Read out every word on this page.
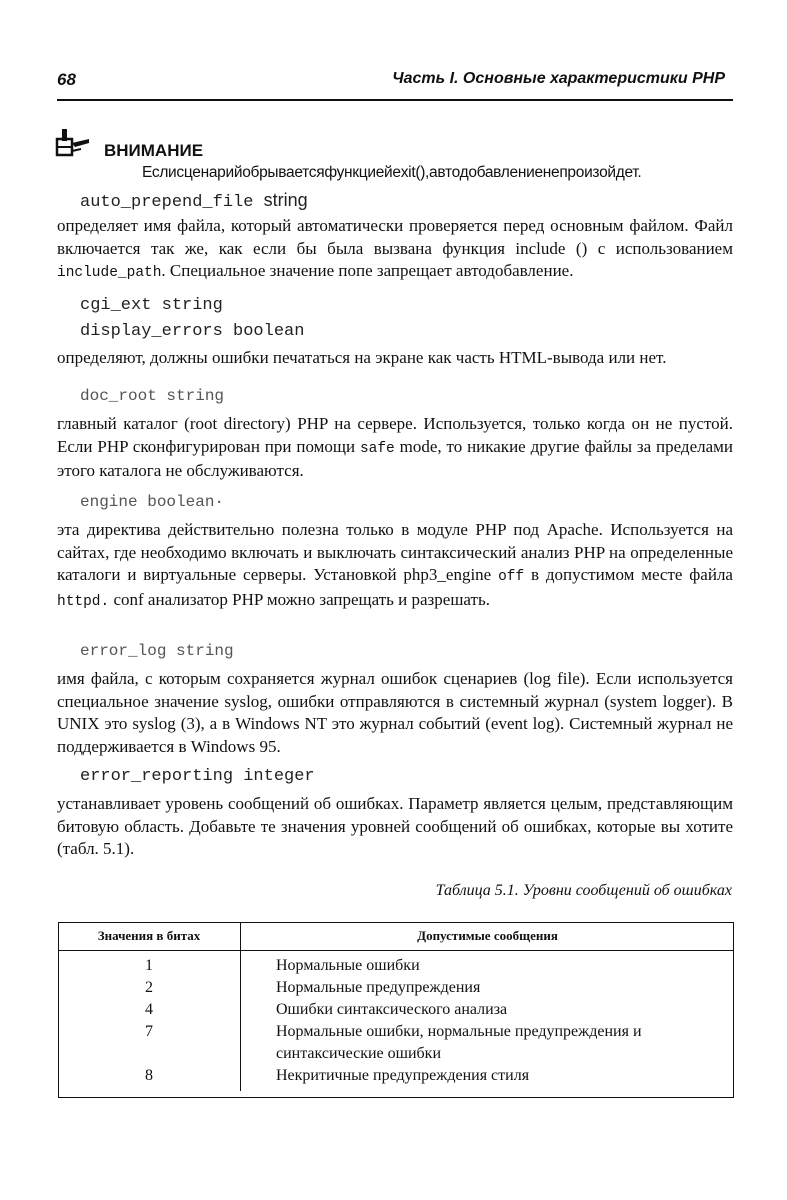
68	Часть I. Основные характеристики PHP
ВНИМАНИЕ
Еслисценарийобрываетсяфункциейexit(),автодобавлениенепроизойдет.
auto_prepend_file string

определяет имя файла, который автоматически проверяется перед основным файлом. Файл включается так же, как если бы была вызвана функция include () с использованием include_path. Специальное значение попе запрещает автодобавление.

cgi_ext string
display_errors boolean

определяют, должны ошибки печататься на экране как часть HTML-вывода или нет.

doc_root string

главный каталог (root directory) PHP на сервере. Используется, только когда он не пустой. Если PHP сконфигурирован при помощи safe mode, то никакие другие файлы за пределами этого каталога не обслуживаются.

engine boolean·

эта директива действительно полезна только в модуле PHP под Apache. Используется на сайтах, где необходимо включать и выключать синтаксический анализ PHP на определенные каталоги и виртуальные серверы. Установкой php3_engine off в допустимом месте файла httpd. conf анализатор PHP можно запрещать и разрешать.

error_log string

имя файла, с которым сохраняется журнал ошибок сценариев (log file). Если используется специальное значение syslog, ошибки отправляются в системный журнал (system logger). В UNIX это syslog (3), а в Windows NT это журнал событий (event log). Системный журнал не поддерживается в Windows 95.

error_reporting integer

устанавливает уровень сообщений об ошибках. Параметр является целым, представляющим битовую область. Добавьте те значения уровней сообщений об ошибках, которые вы хотите (табл. 5.1).

Таблица 5.1. Уровни сообщений об ошибках
Значения в битах	Допустимые сообщения
1	Нормальные ошибки
2	Нормальные предупреждения
4	Ошибки синтаксического анализа
7	Нормальные ошибки, нормальные предупреждения и синтаксические ошибки
8	Некритичные предупреждения стиля
